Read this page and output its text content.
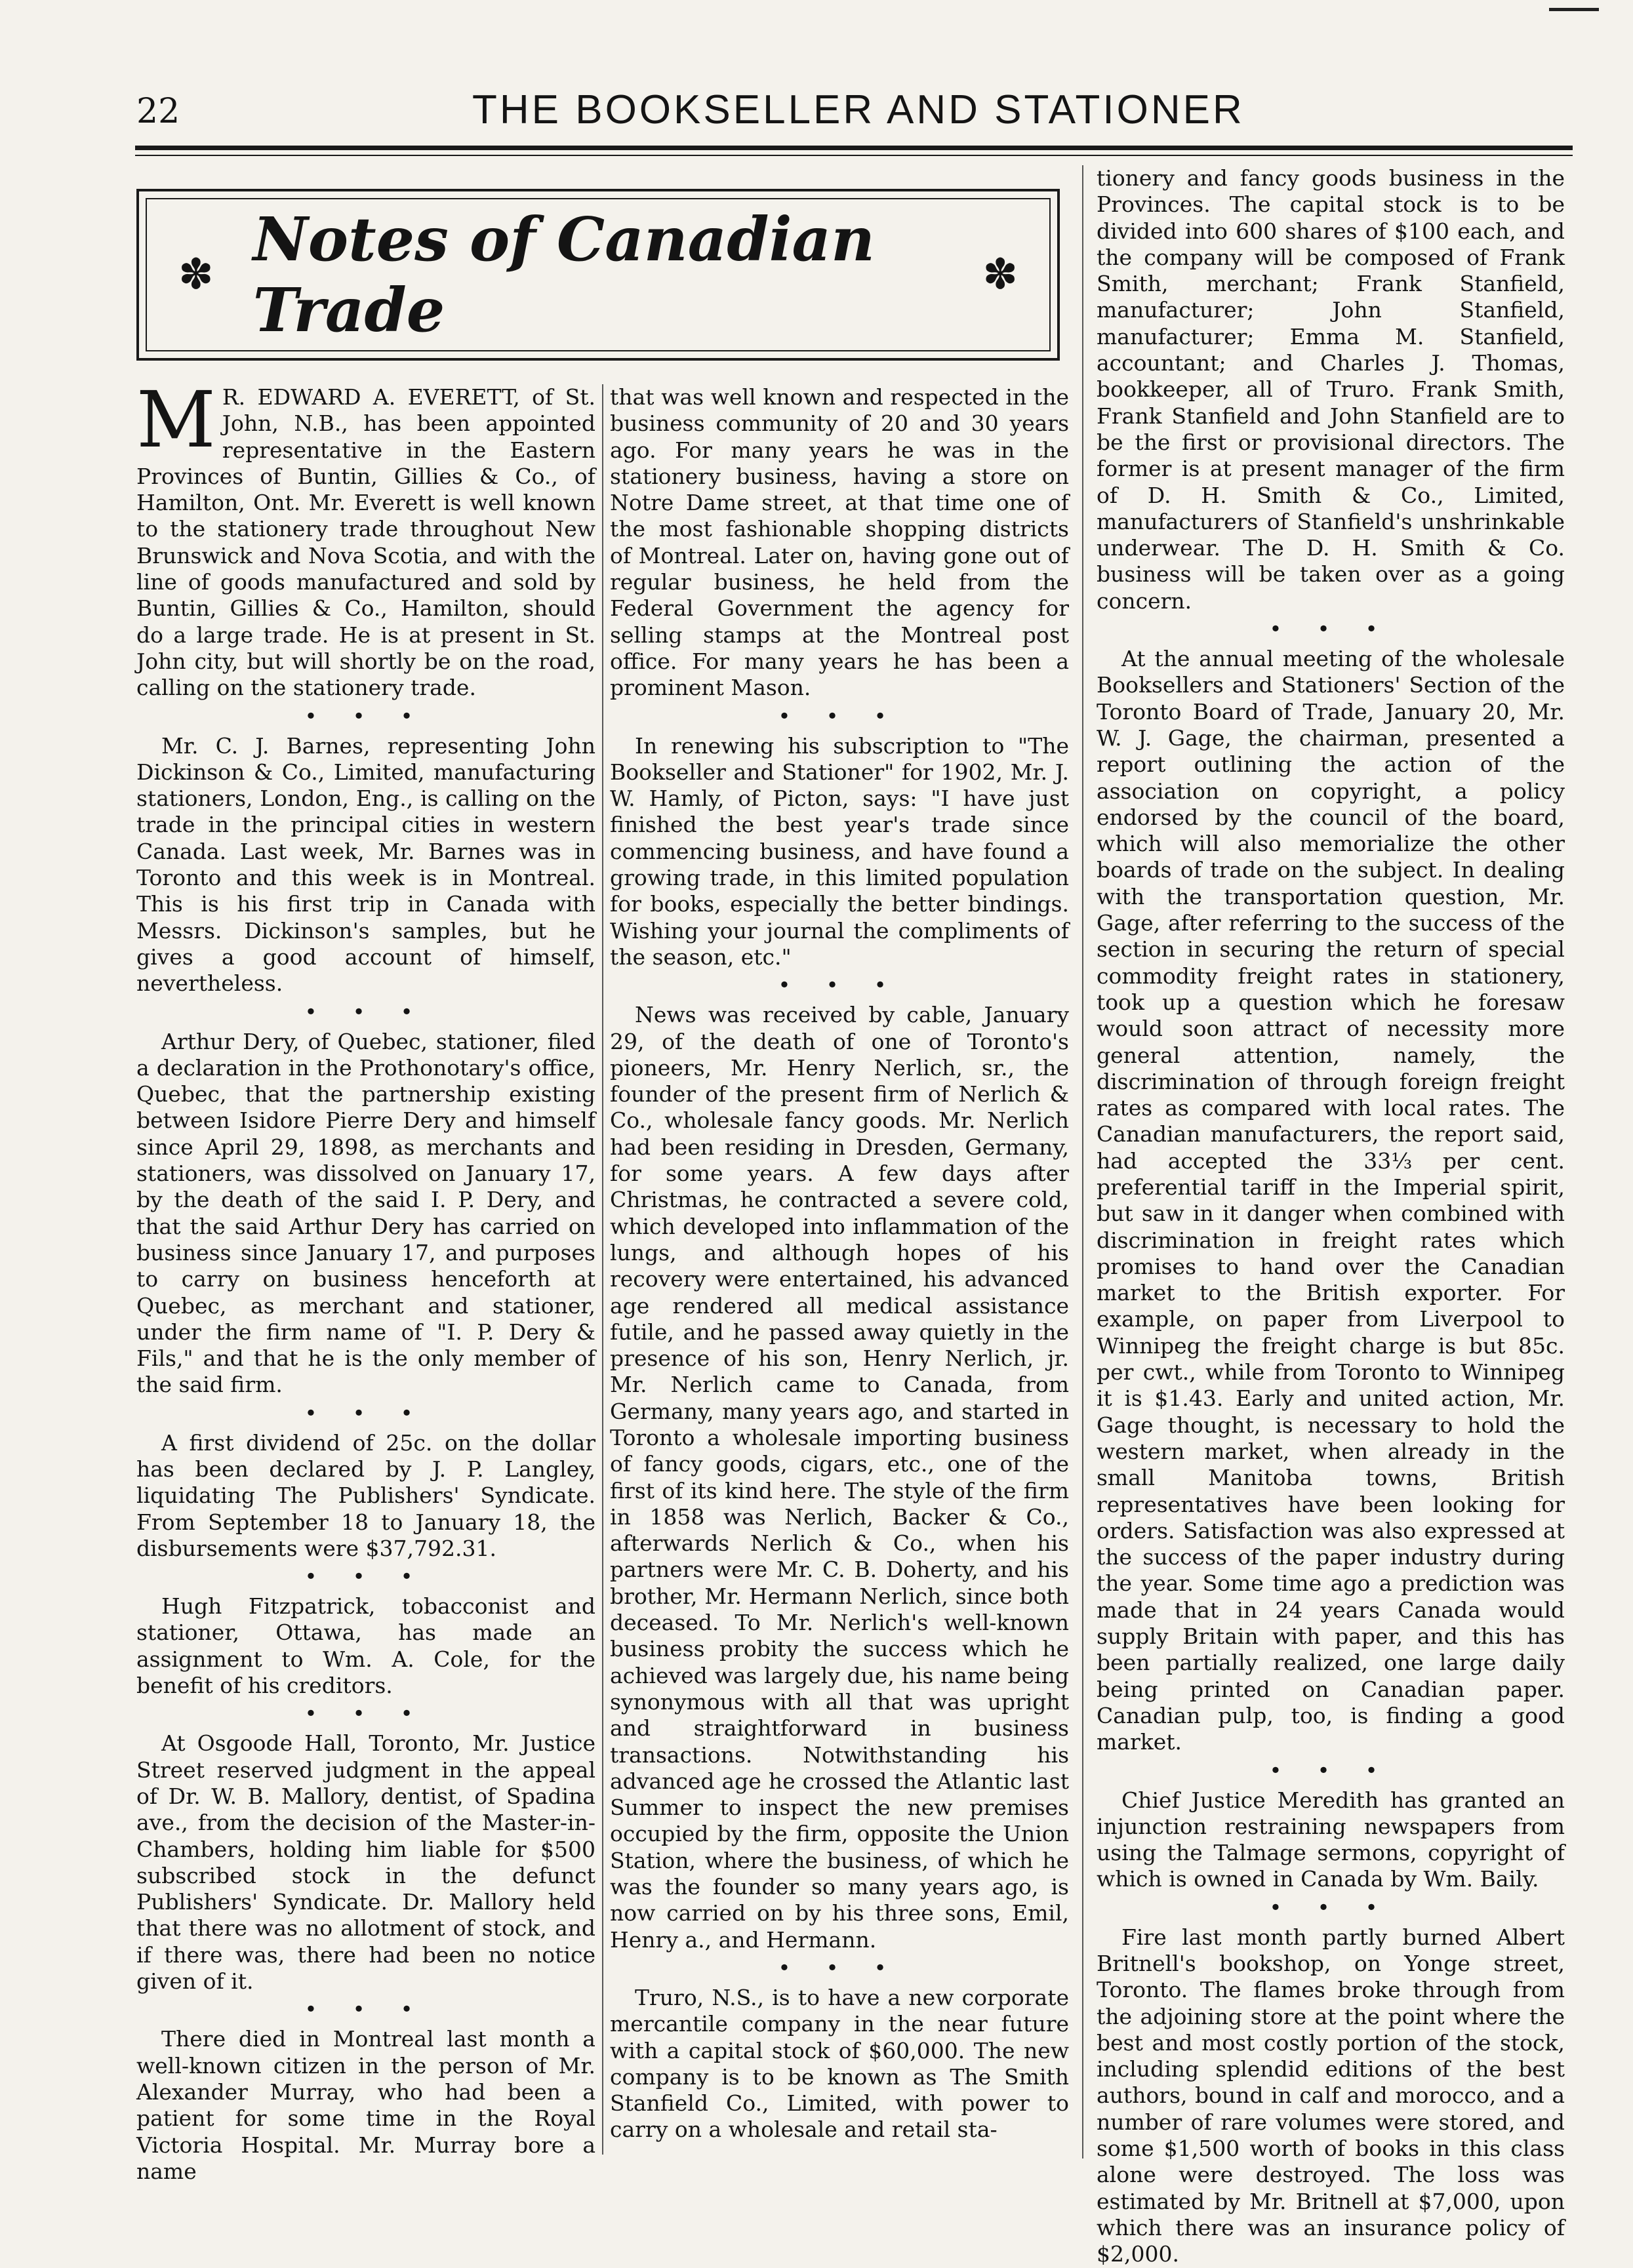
22	THE BOOKSELLER AND STATIONER
✽ Notes of Canadian Trade	✽

M R. EDWARD A. EVERETT, of St. John, N.B., has been appointed representative in the Eastern Provinces of Buntin, Gillies & Co., of Hamilton, Ont. Mr. Everett is well known to the stationery trade throughout New Brunswick and Nova Scotia, and with the line of goods manufactured and sold by Buntin, Gillies & Co., Hamilton, should do a large trade. He is at present in St. John city, but will shortly be on the road, calling on the stationery trade.

• • •

Mr. C. J. Barnes, representing John Dickinson & Co., Limited, manufacturing stationers, London, Eng., is calling on the trade in the principal cities in western Canada. Last week, Mr. Barnes was in Toronto and this week is in Montreal. This is his first trip in Canada with Messrs. Dickinson's samples, but he gives a good account of himself, nevertheless.

• • •

Arthur Dery, of Quebec, stationer, filed a declaration in the Prothonotary's office, Quebec, that the partnership existing between Isidore Pierre Dery and himself since April 29, 1898, as merchants and stationers, was dissolved on January 17, by the death of the said I. P. Dery, and that the said Arthur Dery has carried on business since January 17, and purposes to carry on business henceforth at Quebec, as merchant and stationer, under the firm name of "I. P. Dery & Fils," and that he is the only member of the said firm.

• • •

A first dividend of 25c. on the dollar has been declared by J. P. Langley, liquidating The Publishers' Syndicate. From September 18 to January 18, the disbursements were $37,792.31.

• • •

Hugh Fitzpatrick, tobacconist and stationer, Ottawa, has made an assignment to Wm. A. Cole, for the benefit of his creditors.

• • •

At Osgoode Hall, Toronto, Mr. Justice Street reserved judgment in the appeal of Dr. W. B. Mallory, dentist, of Spadina ave., from the decision of the Master-in-Chambers, holding him liable for $500 subscribed stock in the defunct Publishers' Syndicate. Dr. Mallory held that there was no allotment of stock, and if there was, there had been no notice given of it.

• • •

There died in Montreal last month a well-known citizen in the person of Mr. Alexander Murray, who had been a patient for some time in the Royal Victoria Hospital. Mr. Murray bore a name

that was well known and respected in the business community of 20 and 30 years ago. For many years he was in the stationery business, having a store on Notre Dame street, at that time one of the most fashionable shopping districts of Montreal. Later on, having gone out of regular business, he held from the Federal Government the agency for selling stamps at the Montreal post office. For many years he has been a prominent Mason.

• • •

In renewing his subscription to "The Bookseller and Stationer" for 1902, Mr. J. W. Hamly, of Picton, says: "I have just finished the best year's trade since commencing business, and have found a growing trade, in this limited population for books, especially the better bindings. Wishing your journal the compliments of the season, etc."

• • •

News was received by cable, January 29, of the death of one of Toronto's pioneers, Mr. Henry Nerlich, sr., the founder of the present firm of Nerlich & Co., wholesale fancy goods. Mr. Nerlich had been residing in Dresden, Germany, for some years. A few days after Christmas, he contracted a severe cold, which developed into inflammation of the lungs, and although hopes of his recovery were entertained, his advanced age rendered all medical assistance futile, and he passed away quietly in the presence of his son, Henry Nerlich, jr. Mr. Nerlich came to Canada, from Germany, many years ago, and started in Toronto a wholesale importing business of fancy goods, cigars, etc., one of the first of its kind here. The style of the firm in 1858 was Nerlich, Backer & Co., afterwards Nerlich & Co., when his partners were Mr. C. B. Doherty, and his brother, Mr. Hermann Nerlich, since both deceased. To Mr. Nerlich's well-known business probity the success which he achieved was largely due, his name being synonymous with all that was upright and straightforward in business transactions. Notwithstanding his advanced age he crossed the Atlantic last Summer to inspect the new premises occupied by the firm, opposite the Union Station, where the business, of which he was the founder so many years ago, is now carried on by his three sons, Emil, Henry a., and Hermann.

• • •

Truro, N.S., is to have a new corporate mercantile company in the near future with a capital stock of $60,000. The new company is to be known as The Smith Stanfield Co., Limited, with power to carry on a wholesale and retail sta-

tionery and fancy goods business in the Provinces. The capital stock is to be divided into 600 shares of $100 each, and the company will be composed of Frank Smith, merchant; Frank Stanfield, manufacturer; John Stanfield, manufacturer; Emma M. Stanfield, accountant; and Charles J. Thomas, bookkeeper, all of Truro. Frank Smith, Frank Stanfield and John Stanfield are to be the first or provisional directors. The former is at present manager of the firm of D. H. Smith & Co., Limited, manufacturers of Stanfield's unshrinkable underwear. The D. H. Smith & Co. business will be taken over as a going concern.

• • •

At the annual meeting of the wholesale Booksellers and Stationers' Section of the Toronto Board of Trade, January 20, Mr. W. J. Gage, the chairman, presented a report outlining the action of the association on copyright, a policy endorsed by the council of the board, which will also memorialize the other boards of trade on the subject. In dealing with the transportation question, Mr. Gage, after referring to the success of the section in securing the return of special commodity freight rates in stationery, took up a question which he foresaw would soon attract of necessity more general attention, namely, the discrimination of through foreign freight rates as compared with local rates. The Canadian manufacturers, the report said, had accepted the 33⅓ per cent. preferential tariff in the Imperial spirit, but saw in it danger when combined with discrimination in freight rates which promises to hand over the Canadian market to the British exporter. For example, on paper from Liverpool to Winnipeg the freight charge is but 85c. per cwt., while from Toronto to Winnipeg it is $1.43. Early and united action, Mr. Gage thought, is necessary to hold the western market, when already in the small Manitoba towns, British representatives have been looking for orders. Satisfaction was also expressed at the success of the paper industry during the year. Some time ago a prediction was made that in 24 years Canada would supply Britain with paper, and this has been partially realized, one large daily being printed on Canadian paper. Canadian pulp, too, is finding a good market.

• • •

Chief Justice Meredith has granted an injunction restraining newspapers from using the Talmage sermons, copyright of which is owned in Canada by Wm. Baily.

• • •

Fire last month partly burned Albert Britnell's bookshop, on Yonge street, Toronto. The flames broke through from the adjoining store at the point where the best and most costly portion of the stock, including splendid editions of the best authors, bound in calf and morocco, and a number of rare volumes were stored, and some $1,500 worth of books in this class alone were destroyed. The loss was estimated by Mr. Britnell at $7,000, upon which there was an insurance policy of $2,000.
